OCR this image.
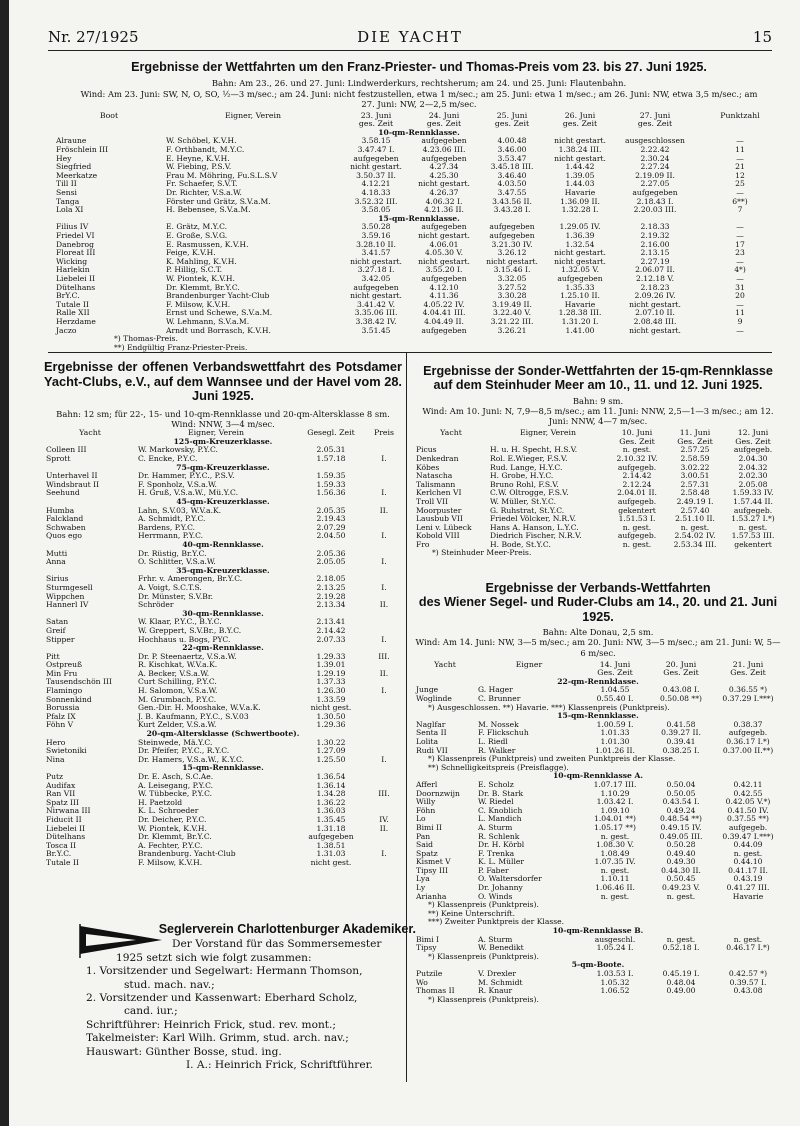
Nr. 27/1925	DIE YACHT	15
Ergebnisse der Wettfahrten um den Franz-Priester- und Thomas-Preis vom 23. bis 27. Juni 1925.
Bahn: Am 23., 26. und 27. Juni: Lindwerderkurs, rechtsherum; am 24. und 25. Juni: Flautenbahn.
Wind: Am 23. Juni: SW, N, O, SO, ½—3 m/sec.; am 24. Juni: nicht festzustellen, etwa 1 m/sec.; am 25. Juni: etwa 1 m/sec.; am 26. Juni: NW, etwa 3,5 m/sec.; am 27. Juni: NW, 2—2,5 m/sec.
Boot	Eigner, Verein	23. Juni	24. Juni	25. Juni	26. Juni	27. Juni	Punktzahl
		ges. Zeit	ges. Zeit	ges. Zeit	ges. Zeit	ges. Zeit	
10-qm-Rennklasse.							
Alraune	W. Schöbel, K.V.H.	3.58.15	aufgegeben	4.00.48	nicht gestart.	ausgeschlossen	—
Fröschlein III	F. Orthbandt, M.Y.C.	3.47.47 I.	4.23.06 III.	3.46.00	1.38.24 III.	2.22.42	11
Hey	E. Heyne, K.V.H.	aufgegeben	aufgegeben	3.53.47	nicht gestart.	2.30.24	—
Siegfried	W. Fiebing, P.S.V.	nicht gestart.	4.27.34	3.45.18 III.	1.44.42	2.27.24	21
Meerkatze	Frau M. Möhring, Fu.S.L.S.V	3.50.37 II.	4.25.30	3.46.40	1.39.05	2.19.09 II.	12
Till II	Fr. Schaefer, S.V.T.	4.12.21	nicht gestart.	4.03.50	1.44.03	2.27.05	25
Sensi	Dr. Richter, V.S.a.W.	4.18.33	4.26.37	3.47.55	Havarie	aufgegeben	—
Tanga	Förster und Grätz, S.V.a.M.	3.52.32 III.	4.06.32 I.	3.43.56 II.	1.36.09 II.	2.18.43 I.	6**)
Lola XI	H. Bebensee, S.V.a.M.	3.58.05	4.21.36 II.	3.43.28 I.	1.32.28 I.	2.20.03 III.	7
15-qm-Rennklasse.							
Filius IV	E. Grätz, M.Y.C.	3.50.28	aufgegeben	aufgegeben	1.29.05 IV.	2.18.33	—
Friedel VI	E. Große, S.V.G.	3.59.16	nicht gestart.	aufgegeben	1.36.39	2.19.32	—
Danebrog	E. Rasmussen, K.V.H.	3.28.10 II.	4.06.01	3.21.30 IV.	1.32.54	2.16.00	17
Floreat III	Feige, K.V.H.	3.41.57	4.05.30 V.	3.26.12	nicht gestart.	2.13.15	23
Wicking	K. Mahling, K.V.H.	nicht gestart.	nicht gestart.	nicht gestart.	nicht gestart.	2.27.19	—
Harlekin	P. Hillig, S.C.T.	3.27.18 I.	3.55.20 I.	3.15.46 I.	1.32.05 V.	2.06.07 II.	4*)
Liebelei II	W. Piontek, K.V.H.	3.42.05	aufgegeben	3.32.05	aufgegeben	2.12.18 V.	—
Dütelhans	Dr. Klemmt, Br.Y.C.	aufgegeben	4.12.10	3.27.52	1.35.33	2.18.23	31
BrY.C.	Brandenburger Yacht-Club	nicht gestart.	4.11.36	3.30.28	1.25.10 II.	2.09.26 IV.	20
Tutale II	F. Milsow, K.V.H.	3.41.42 V.	4.05.22 IV.	3.19.49 II.	Havarie	nicht gestart.	—
Ralle XII	Ernst und Schewe, S.V.a.M.	3.35.06 III.	4.04.41 III.	3.22.40 V.	1.28.38 III.	2.07.10 II.	11
Herzdame	W. Lehmann, S.V.a.M.	3.38.42 IV.	4.04.49 II.	3.21.22 III.	1.31.20 I.	2.08.48 III.	9
Jaczo	Arndt und Borrasch, K.V.H.	3.51.45	aufgegeben	3.26.21	1.41.00	nicht gestart.	—
*) Thomas-Preis.
**) Endgültig Franz-Priester-Preis.
Ergebnisse der offenen Verbandswettfahrt des Potsdamer Yacht-Clubs, e.V., auf dem Wannsee und der Havel vom 28. Juni 1925.
Bahn: 12 sm; für 22-, 15- und 10-qm-Rennklasse und 20-qm-Altersklasse 8 sm.
Wind: NNW, 3—4 m/sec.
Yacht	Eigner, Verein	Gesegl. Zeit	Preis
125-qm-Kreuzerklasse.			
Colleen III	W. Markowsky, P.Y.C.	2.05.31	
Sprott	C. Encke, P.Y.C.	1.57.18	I.
75-qm-Kreuzerklasse.			
Unterhavel II	Dr. Hammer, P.Y.C., P.S.V.	1.59.35	
Windsbraut II	F. Sponholz, V.S.a.W.	1.59.33	
Seehund	H. Gruß, V.S.a.W., Mü.Y.C.	1.56.36	I.
45-qm-Kreuzerklasse.			
Humba	Lahn, S.V.03, W.V.a.K.	2.05.35	II.
Falckland	A. Schmidt, P.Y.C.	2.19.43	
Schwaben	Bardens, P.Y.C.	2.07.29	
Quos ego	Herrmann, P.Y.C.	2.04.50	I.
40-qm-Rennklasse.			
Mutti	Dr. Rüstig, Br.Y.C.	2.05.36	
Anna	O. Schlitter, V.S.a.W.	2.05.05	I.
35-qm-Kreuzerklasse.			
Sirius	Frhr. v. Amerongen, Br.Y.C.	2.18.05	
Sturmgesell	A. Voigt, S.C.T.S.	2.13.25	I.
Wippchen	Dr. Münster, S.V.Br.	2.19.28	
Hannerl IV	Schröder	2.13.34	II.
30-qm-Rennklasse.			
Satan	W. Klaar, P.Y.C., B.Y.C.	2.13.41	
Greif	W. Greppert, S.V.Br., B.Y.C.	2.14.42	
Stipper	Hochhaus u. Bogs, PYC.	2.07.33	I.
22-qm-Rennklasse.			
Pitt	Dr. P. Steenaertz, V.S.a.W.	1.29.33	III.
Ostpreuß	R. Kischkat, W.V.a.K.	1.39.01	
Min Fru	A. Becker, V.S.a.W.	1.29.19	II.
Tausendschön III	Curt Schilling, P.Y.C.	1.37.33	
Flamingo	H. Salomon, V.S.a.W.	1.26.30	I.
Sonnenkind	M. Grumbach, P.Y.C.	1.33.59	
Borussia	Gen.-Dir. H. Mooshake, W.V.a.K.	nicht gest.	
Pfalz IX	J. B. Kaufmann, P.Y.C., S.V.03	1.30.50	
Föhn V	Kurt Zelder, V.S.a.W.	1.29.36	
20-qm-Altersklasse (Schwertboote).			
Hero	Steinwede, Mä.Y.C.	1.30.22	
Swietoniki	Dr. Pfeifer, P.Y.C., R.Y.C.	1.27.09	
Nina	Dr. Hamers, V.S.a.W., K.Y.C.	1.25.50	I.
15-qm-Rennklasse.			
Putz	Dr. E. Asch, S.C.Ae.	1.36.54	
Audifax	A. Leisegang, P.Y.C.	1.36.14	
Ran VII	W. Tübbecke, P.Y.C.	1.34.28	III.
Spatz III	H. Paetzold	1.36.22	
Nirwana III	K. L. Schroeder	1.36.03	
Fiducit II	Dr. Deicher, P.Y.C.	1.35.45	IV.
Liebelei II	W. Piontek, K.V.H.	1.31.18	II.
Dütelhans	Dr. Klemmt, Br.Y.C.	aufgegeben	
Tosca II	A. Fechter, P.Y.C.	1.38.51	
Br.Y.C.	Brandenburg. Yacht-Club	1.31.03	I.
Tutale II	F. Milsow, K.V.H.	nicht gest.	
Seglerverein Charlottenburger Akademiker.

Der Vorstand für das Sommersemester

1925 setzt sich wie folgt zusammen:

1. Vorsitzender und Segelwart: Hermann Thomson,

stud. mach. nav.;

2. Vorsitzender und Kassenwart: Eberhard Scholz,

cand. iur.;

Schriftführer: Heinrich Frick, stud. rev. mont.;

Takelmeister: Karl Wilh. Grimm, stud. arch. nav.;

Hauswart: Günther Bosse, stud. ing.

I. A.: Heinrich Frick, Schriftführer.

Ergebnisse der Sonder-Wettfahrten der 15-qm-Rennklasse auf dem Steinhuder Meer am 10., 11. und 12. Juni 1925.
Bahn: 9 sm.
Wind: Am 10. Juni: N, 7,9—8,5 m/sec.; am 11. Juni: NNW, 2,5—1—3 m/sec.; am 12. Juni: NNW, 4—7 m/sec.
Yacht	Eigner, Verein	10. Juni	11. Juni	12. Juni
		Ges. Zeit	Ges. Zeit	Ges. Zeit
Picus	H. u. H. Specht, H.S.V.	n. gest.	2.57.25	aufgegeb.
Denkedran	Rol. E.Wieger, F.S.V.	2.10.32 IV.	2.58.59	2.04.30
Köbes	Rud. Lange, H.Y.C.	aufgegeb.	3.02.22	2.04.32
Natascha	H. Grobe, H.Y.C.	2.14.42	3.00.51	2.02.30
Talismann	Bruno Rohl, F.S.V.	2.12.24	2.57.31	2.05.08
Kerlchen VI	C.W. Oltrogge, F.S.V.	2.04.01 II.	2.58.48	1.59.33 IV.
Troll VII	W. Müller, St.Y.C.	aufgegeb.	2.49.19 I.	1.57.44 II.
Moorpuster	G. Ruhstrat, St.Y.C.	gekentert	2.57.40	aufgegeb.
Lausbub VII	Friedel Völcker, N.R.V.	1.51.53 I.	2.51.10 II.	1.53.27 I.*)
Leni v. Lübeck	Hans A. Hanson, L.Y.C.	n. gest.	n. gest.	n. gest.
Kobold VIII	Diedrich Fischer, N.R.V.	aufgegeb.	2.54.02 IV.	1.57.53 III.
Fro	H. Bode, St.Y.C.	n. gest.	2.53.34 III.	gekentert
*) Steinhuder Meer-Preis.
Ergebnisse der Verbands-Wettfahrten
des Wiener Segel- und Ruder-Clubs am 14., 20. und 21. Juni 1925.
Bahn: Alte Donau, 2,5 sm.
Wind: Am 14. Juni: NW, 3—5 m/sec.; am 20. Juni: NW, 3—5 m/sec.; am 21. Juni: W, 5—6 m/sec.
Yacht	Eigner	14. Juni	20. Juni	21. Juni
		Ges. Zeit	Ges. Zeit	Ges. Zeit
22-qm-Rennklasse.				
Junge	G. Hager	1.04.55	0.43.08 I.	0.36.55 *)
Woglinde	C. Brunner	0.55.40 I.	0.50.08 **)	0.37.29 I.***)
*) Ausgeschlossen. **) Havarie. ***) Klassenpreis (Punktpreis).				
15-qm-Rennklasse.				
Naglfar	M. Nossek	1.00.59 I.	0.41.58	0.38.37
Senta II	F. Flickschuh	1.01.33	0.39.27 II.	aufgegeb.
Lolita	L. Riedl	1.01.30	0.39.41	0.36.17 I.*)
Rudi VII	R. Walker	1.01.26 II.	0.38.25 I.	0.37.00 II.**)
*) Klassenpreis (Punktpreis) und zweiten Punktpreis der Klasse.				
**) Schnelligkeitspreis (Preisflagge).				
10-qm-Rennklasse A.				
Afferl	E. Scholz	1.07.17 III.	0.50.04	0.42.11
Doornzwijn	Dr. B. Stark	1.10.29	0.50.05	0.42.55
Willy	W. Riedel	1.03.42 I.	0.43.54 I.	0.42.05 V.*)
Föhn	C. Knoblich	1.09.10	0.49.24	0.41.50 IV.
Lo	L. Mandich	1.04.01 **)	0.48.54 **)	0.37.55 **)
Bimi II	A. Sturm	1.05.17 **)	0.49.15 IV.	aufgegeb.
Pan	R. Schlenk	n. gest.	0.49.05 III.	0.39.47 I.***)
Said	Dr. H. Körbl	1.08.30 V.	0.50.28	0.44.09
Spatz	F. Trenka	1.08.49	0.49.40	n. gest.
Kismet V	K. L. Müller	1.07.35 IV.	0.49.30	0.44.10
Tipsy III	P. Faber	n. gest.	0.44.30 II.	0.41.17 II.
Lya	O. Waltersdorfer	1.10.11	0.50.45	0.43.19
Ly	Dr. Johanny	1.06.46 II.	0.49.23 V.	0.41.27 III.
Arianha	O. Winds	n. gest.	n. gest.	Havarie
*) Klassenpreis (Punktpreis).				
**) Keine Unterschrift.				
***) Zweiter Punktpreis der Klasse.				
10-qm-Rennklasse B.				
Bimi I	A. Sturm	ausgeschl.	n. gest.	n. gest.
Tipsy	W. Benedikt	1.05.24 I.	0.52.18 I.	0.46.17 I.*)
*) Klassenpreis (Punktpreis).				
5-qm-Boote.				
Putzile	V. Drexler	1.03.53 I.	0.45.19 I.	0.42.57 *)
Wo	M. Schmidt	1.05.32	0.48.04	0.39.57 I.
Thomas II	R. Knaur	1.06.52	0.49.00	0.43.08
*) Klassenpreis (Punktpreis).				
